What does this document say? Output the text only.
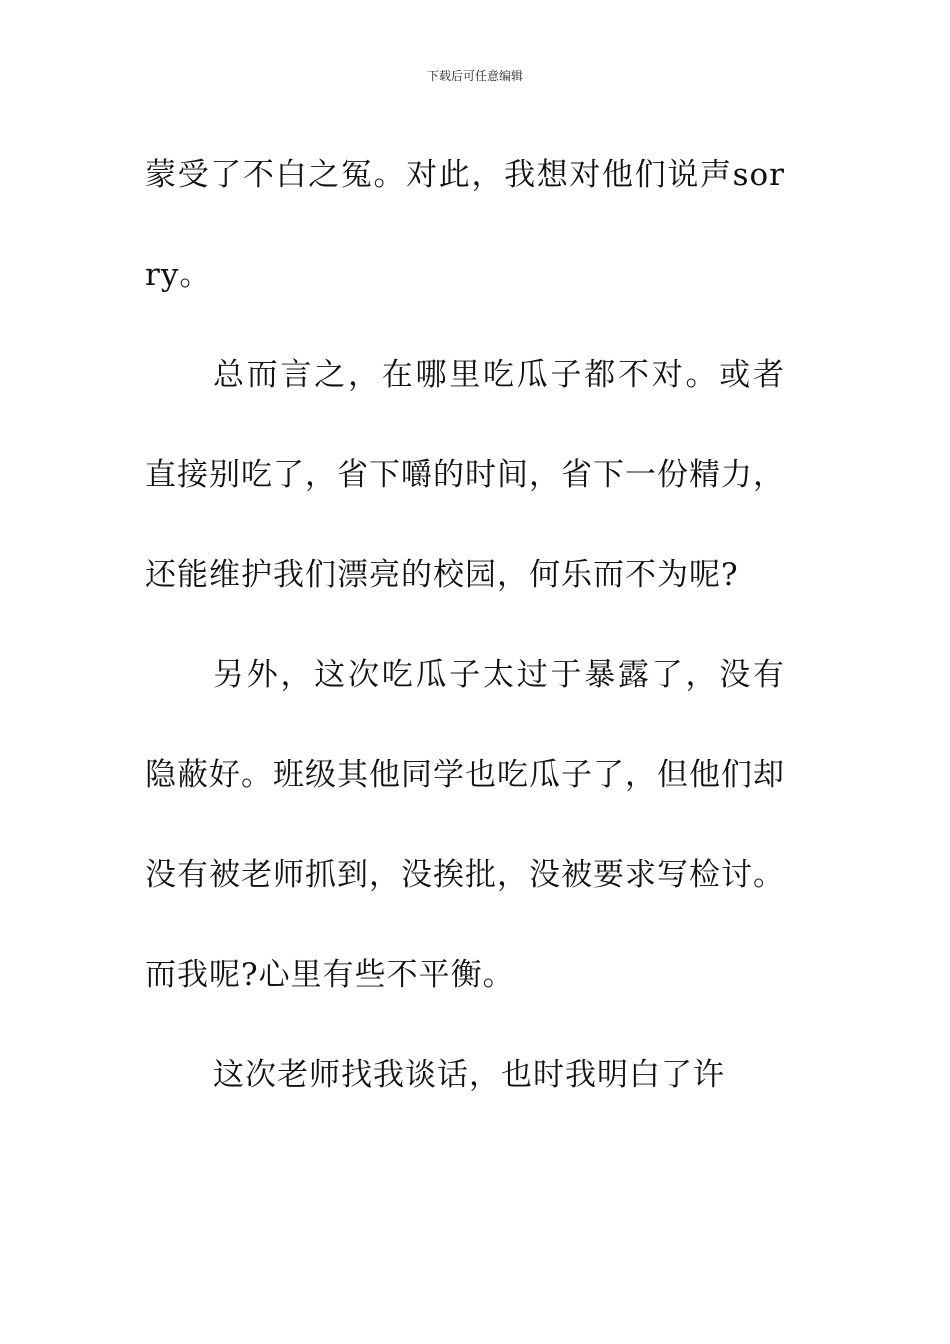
下载后可任意编辑

蒙受了不白之冤。对此，我想对他们说声sorry。

总而言之，在哪里吃瓜子都不对。或者直接别吃了，省下嚼的时间，省下一份精力，还能维护我们漂亮的校园，何乐而不为呢?

另外，这次吃瓜子太过于暴露了，没有隐蔽好。班级其他同学也吃瓜子了，但他们却没有被老师抓到，没挨批，没被要求写检讨。而我呢?心里有些不平衡。

这次老师找我谈话，也时我明白了许
